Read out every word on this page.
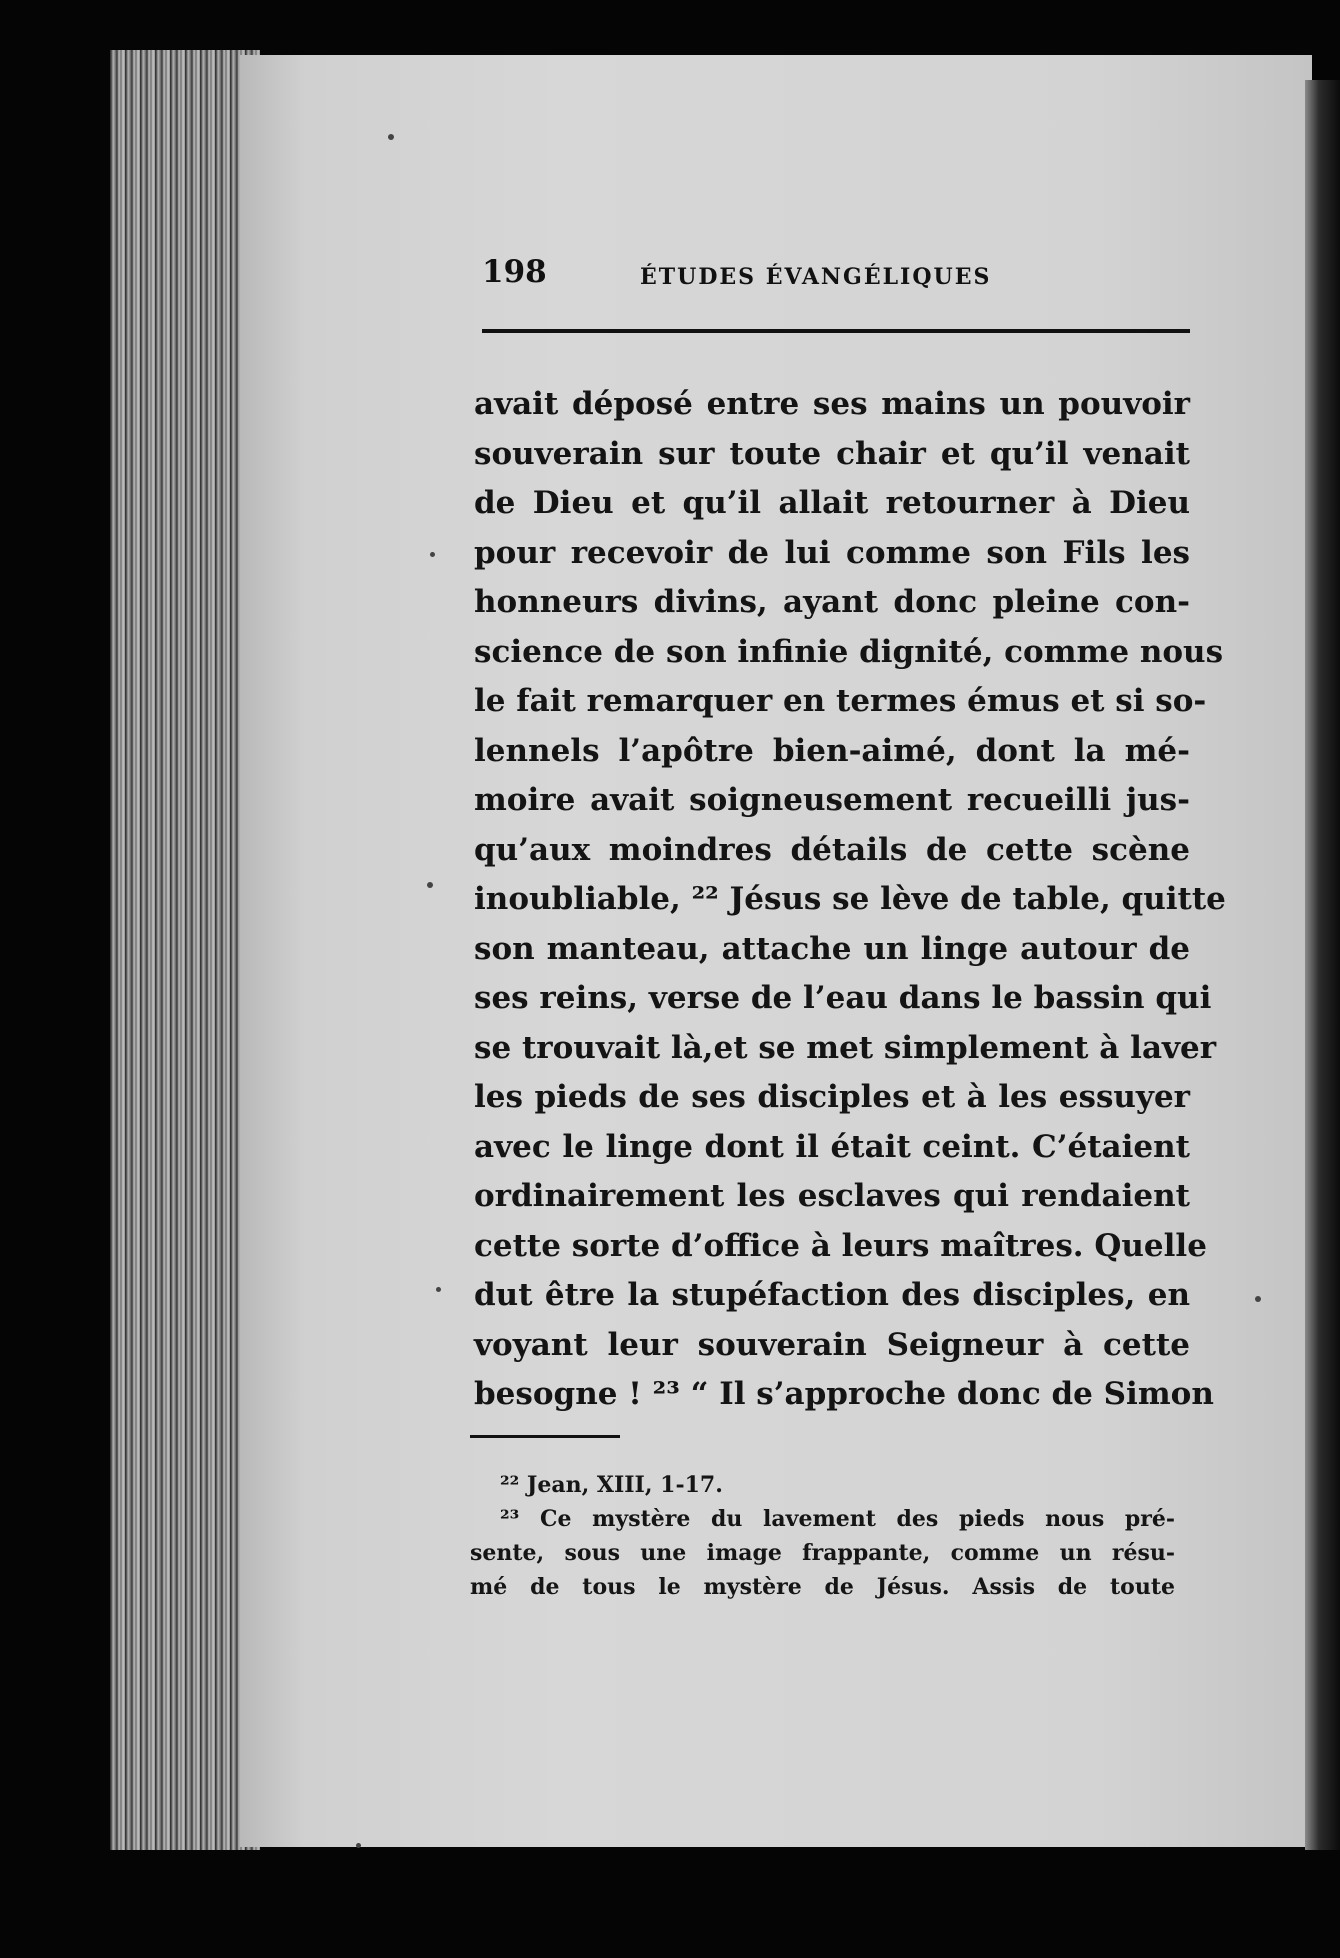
198	ÉTUDES ÉVANGÉLIQUES
avait déposé entre ses mains un pouvoir
souverain sur toute chair et qu’il venait
de Dieu et qu’il allait retourner à Dieu
pour recevoir de lui comme son Fils les
honneurs divins, ayant donc pleine con-
science de son infinie dignité, comme nous
le fait remarquer en termes émus et si so-
lennels l’apôtre bien-aimé, dont la mé-
moire avait soigneusement recueilli jus-
qu’aux moindres détails de cette scène
inoubliable, ²² Jésus se lève de table, quitte
son manteau, attache un linge autour de
ses reins, verse de l’eau dans le bassin qui
se trouvait là,et se met simplement à laver
les pieds de ses disciples et à les essuyer
avec le linge dont il était ceint. C’étaient
ordinairement les esclaves qui rendaient
cette sorte d’office à leurs maîtres. Quelle
dut être la stupéfaction des disciples, en
voyant leur souverain Seigneur à cette
besogne ! ²³ “ Il s’approche donc de Simon
²² Jean, XIII, 1-17.
²³ Ce mystère du lavement des pieds nous pré-
sente, sous une image frappante, comme un résu-
mé de tous le mystère de Jésus. Assis de toute
